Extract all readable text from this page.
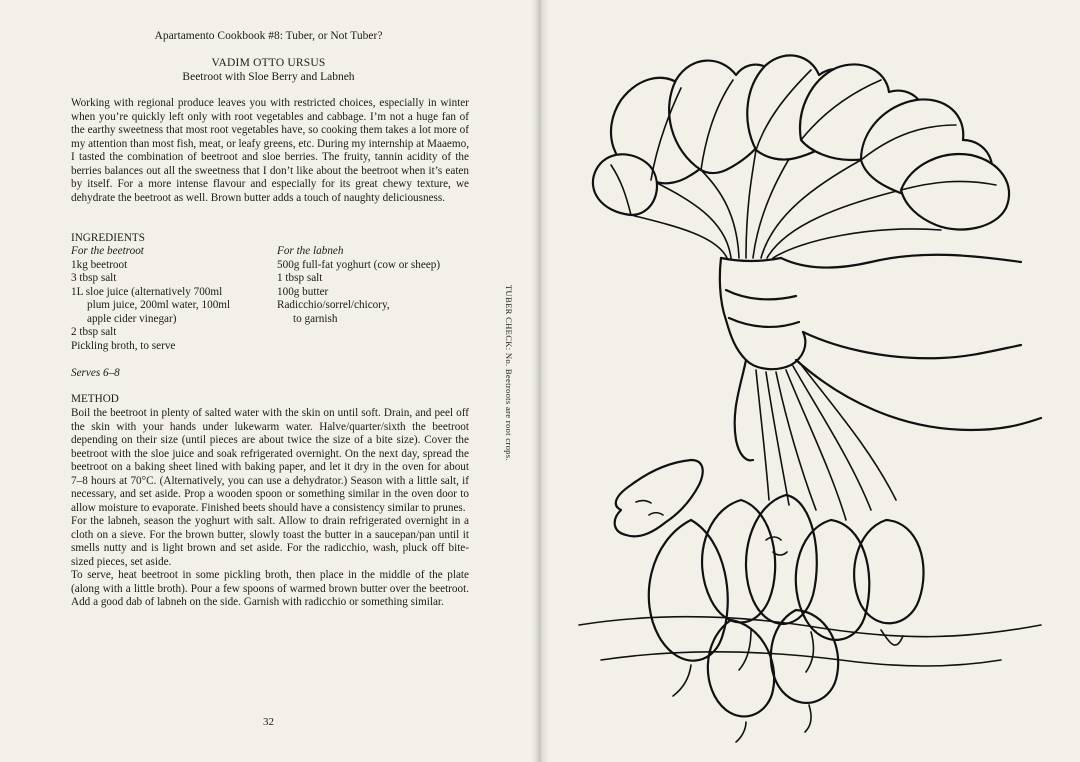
Apartamento Cookbook #8: Tuber, or Not Tuber?
VADIM OTTO URSUS
Beetroot with Sloe Berry and Labneh

Working with regional produce leaves you with restricted choices, especially in winter when you’re quickly left only with root vegetables and cabbage. I’m not a huge fan of the earthy sweetness that most root vegetables have, so cooking them takes a lot more of my attention than most fish, meat, or leafy greens, etc. During my internship at Maaemo, I tasted the combination of beetroot and sloe berries. The fruity, tannin acidity of the berries balances out all the sweetness that I don’t like about the beetroot when it’s eaten by itself. For a more intense flavour and especially for its great chewy texture, we dehydrate the beetroot as well. Brown butter adds a touch of naughty deliciousness.

INGREDIENTS

For the beetroot
1kg beetroot
3 tbsp salt
1L sloe juice (alternatively 700ml
plum juice, 200ml water, 100ml
apple cider vinegar)
2 tbsp salt
Pickling broth, to serve
For the labneh
500g full-fat yoghurt (cow or sheep)
1 tbsp salt
100g butter
Radicchio/sorrel/chicory,
to garnish
Serves 6–8

METHOD

Boil the beetroot in plenty of salted water with the skin on until soft. Drain, and peel off the skin with your hands under lukewarm water. Halve/quarter/sixth the beetroot depending on their size (until pieces are about twice the size of a bite size). Cover the beetroot with the sloe juice and soak refrigerated overnight. On the next day, spread the beetroot on a baking sheet lined with baking paper, and let it dry in the oven for about 7–8 hours at 70°C. (Alternatively, you can use a dehydrator.) Season with a little salt, if necessary, and set aside. Prop a wooden spoon or something similar in the oven door to allow moisture to evaporate. Finished beets should have a consistency similar to prunes.

For the labneh, season the yoghurt with salt. Allow to drain refrigerated overnight in a cloth on a sieve. For the brown butter, slowly toast the butter in a saucepan/pan until it smells nutty and is light brown and set aside. For the radicchio, wash, pluck off bite-sized pieces, set aside.

To serve, heat beetroot in some pickling broth, then place in the middle of the plate (along with a little broth). Pour a few spoons of warmed brown butter over the beetroot. Add a good dab of labneh on the side. Garnish with radicchio or something similar.

32
TUBER CHECK: No. Beetroots are root crops.
